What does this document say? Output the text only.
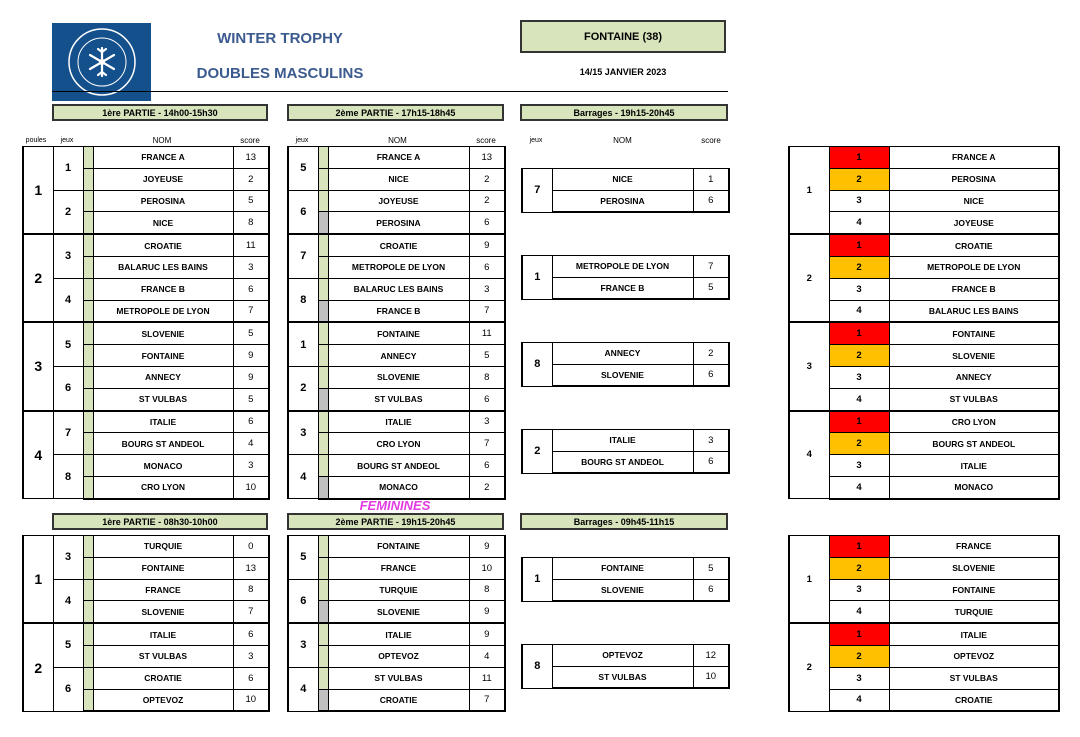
WINTER TROPHY
DOUBLES MASCULINS
FONTAINE (38)
14/15 JANVIER 2023
1ère PARTIE - 14h00-15h30	2ème PARTIE - 17h15-18h45	Barrages - 19h15-20h45
poules	jeux	NOM	score	jeux	NOM	score	jeux	NOM	score
FEMININES
1ère PARTIE - 08h30-10h00	2ème PARTIE - 19h15-20h45	Barrages - 09h45-11h15
1	1		FRANCE A	13
			JOYEUSE	2
	2		PEROSINA	5
			NICE	8
2	3		CROATIE	11
			BALARUC LES BAINS	3
	4		FRANCE B	6
			METROPOLE DE LYON	7
3	5		SLOVENIE	5
			FONTAINE	9
	6		ANNECY	9
			ST VULBAS	5
4	7		ITALIE	6
			BOURG ST ANDEOL	4
	8		MONACO	3
			CRO LYON	10
5		FRANCE A	13
		NICE	2
6		JOYEUSE	2
		PEROSINA	6
7		CROATIE	9
		METROPOLE DE LYON	6
8		BALARUC LES BAINS	3
		FRANCE B	7
1		FONTAINE	11
		ANNECY	5
2		SLOVENIE	8
		ST VULBAS	6
3		ITALIE	3
		CRO LYON	7
4		BOURG ST ANDEOL	6
		MONACO	2
1	1	FRANCE A
	2	PEROSINA
	3	NICE
	4	JOYEUSE
2	1	CROATIE
	2	METROPOLE DE LYON
	3	FRANCE B
	4	BALARUC LES BAINS
3	1	FONTAINE
	2	SLOVENIE
	3	ANNECY
	4	ST VULBAS
4	1	CRO LYON
	2	BOURG ST ANDEOL
	3	ITALIE
	4	MONACO
7	NICE	1
	PEROSINA	6
1	METROPOLE DE LYON	7
	FRANCE B	5
8	ANNECY	2
	SLOVENIE	6
2	ITALIE	3
	BOURG ST ANDEOL	6
1	3		TURQUIE	0
			FONTAINE	13
	4		FRANCE	8
			SLOVENIE	7
2	5		ITALIE	6
			ST VULBAS	3
	6		CROATIE	6
			OPTEVOZ	10
5		FONTAINE	9
		FRANCE	10
6		TURQUIE	8
		SLOVENIE	9
3		ITALIE	9
		OPTEVOZ	4
4		ST VULBAS	11
		CROATIE	7
1	1	FRANCE
	2	SLOVENIE
	3	FONTAINE
	4	TURQUIE
2	1	ITALIE
	2	OPTEVOZ
	3	ST VULBAS
	4	CROATIE
1	FONTAINE	5
	SLOVENIE	6
8	OPTEVOZ	12
	ST VULBAS	10
